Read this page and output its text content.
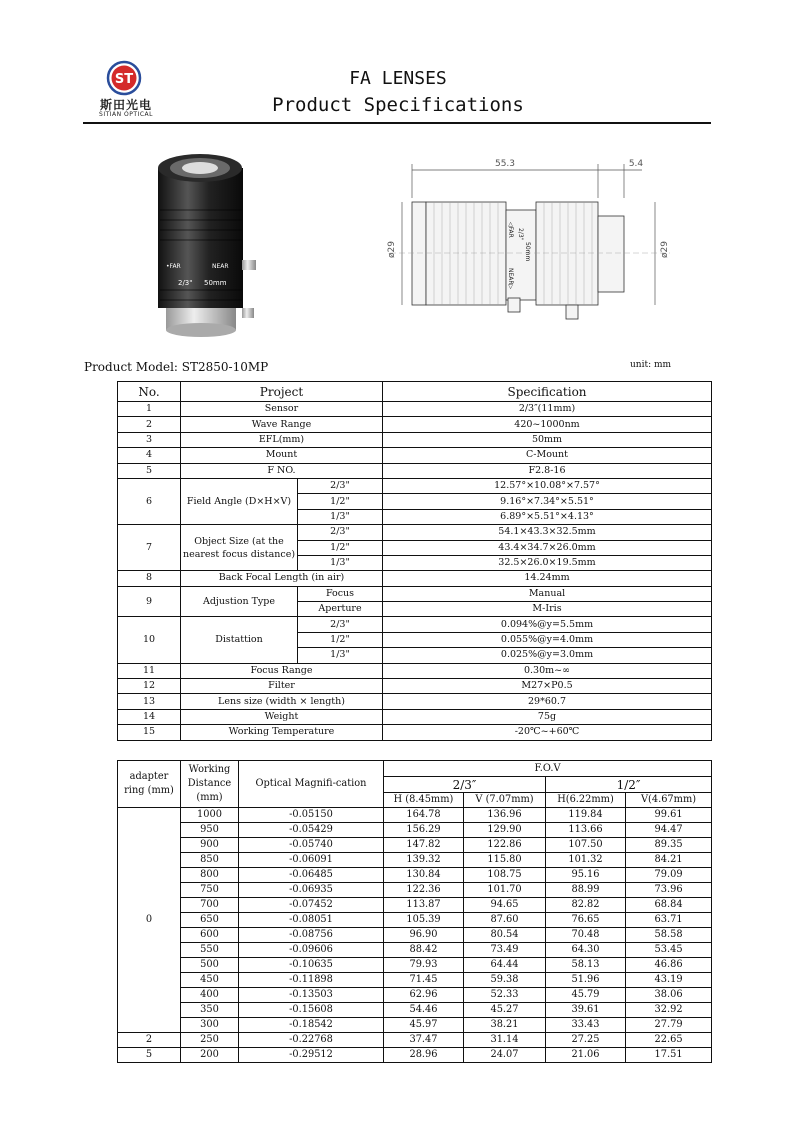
ST
斯田光电
SITIAN OPTICAL
FA LENSES
Product Specifications
•FAR	NEAR
2/3" 50mm
55.3	5.4
ø29	ø29
◁FAR 2/3"
50mm
NEAR▷
Product Model: ST2850-10MP	unit: mm
No.	Project		Specification
1	Sensor		2/3″(11mm)
2	Wave Range		420~1000nm
3	EFL(mm)		50mm
4	Mount		C-Mount
5	F NO.		F2.8-16
6	Field Angle (D×H×V)	2/3"	12.57°×10.08°×7.57°
		1/2"	9.16°×7.34°×5.51°
		1/3"	6.89°×5.51°×4.13°
7	Object Size (at the nearest focus distance)	2/3"	54.1×43.3×32.5mm
		1/2"	43.4×34.7×26.0mm
		1/3"	32.5×26.0×19.5mm
8	Back Focal Length (in air)		14.24mm
9	Adjustion Type	Focus	Manual
		Aperture	M-Iris
10	Distattion	2/3"	0.094%@y=5.5mm
		1/2"	0.055%@y=4.0mm
		1/3"	0.025%@y=3.0mm
11	Focus Range		0.30m~∞
12	Filter		M27×P0.5
13	Lens size (width × length)		29*60.7
14	Weight		75g
15	Working Temperature		-20℃~+60℃
adapter ring (mm)	Working Distance (mm)	Optical Magnifi-cation	F.O.V			
			2/3″		1/2″	
			H (8.45mm)	V (7.07mm)	H(6.22mm)	V(4.67mm)
0	1000	-0.05150	164.78	136.96	119.84	99.61
	950	-0.05429	156.29	129.90	113.66	94.47
	900	-0.05740	147.82	122.86	107.50	89.35
	850	-0.06091	139.32	115.80	101.32	84.21
	800	-0.06485	130.84	108.75	95.16	79.09
	750	-0.06935	122.36	101.70	88.99	73.96
	700	-0.07452	113.87	94.65	82.82	68.84
	650	-0.08051	105.39	87.60	76.65	63.71
	600	-0.08756	96.90	80.54	70.48	58.58
	550	-0.09606	88.42	73.49	64.30	53.45
	500	-0.10635	79.93	64.44	58.13	46.86
	450	-0.11898	71.45	59.38	51.96	43.19
	400	-0.13503	62.96	52.33	45.79	38.06
	350	-0.15608	54.46	45.27	39.61	32.92
	300	-0.18542	45.97	38.21	33.43	27.79
2	250	-0.22768	37.47	31.14	27.25	22.65
5	200	-0.29512	28.96	24.07	21.06	17.51
